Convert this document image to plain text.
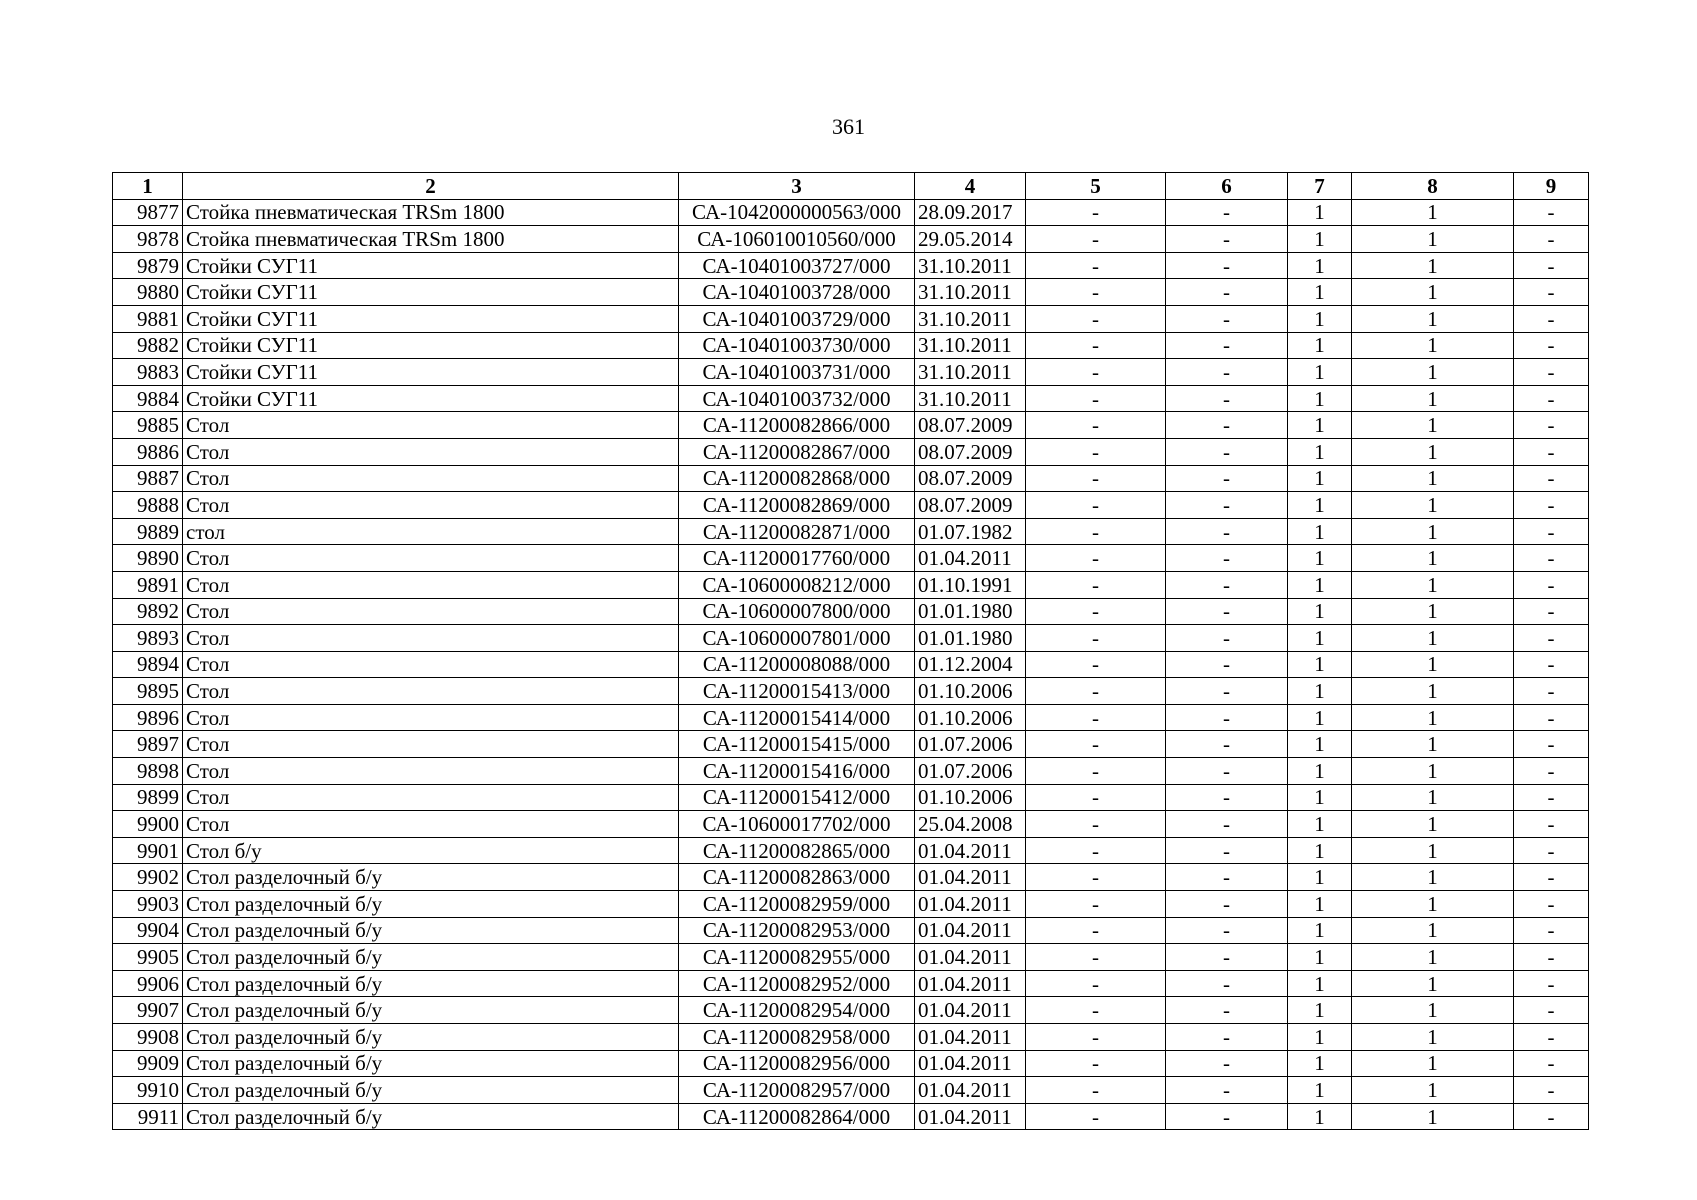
361
1	2	3	4	5	6	7	8	9
9877	Стойка пневматическая TRSm 1800	СА-1042000000563/000	28.09.2017	-	-	1	1	-
9878	Стойка пневматическая TRSm 1800	СА-106010010560/000	29.05.2014	-	-	1	1	-
9879	Стойки СУГ11	СА-10401003727/000	31.10.2011	-	-	1	1	-
9880	Стойки СУГ11	СА-10401003728/000	31.10.2011	-	-	1	1	-
9881	Стойки СУГ11	СА-10401003729/000	31.10.2011	-	-	1	1	-
9882	Стойки СУГ11	СА-10401003730/000	31.10.2011	-	-	1	1	-
9883	Стойки СУГ11	СА-10401003731/000	31.10.2011	-	-	1	1	-
9884	Стойки СУГ11	СА-10401003732/000	31.10.2011	-	-	1	1	-
9885	Стол	СА-11200082866/000	08.07.2009	-	-	1	1	-
9886	Стол	СА-11200082867/000	08.07.2009	-	-	1	1	-
9887	Стол	СА-11200082868/000	08.07.2009	-	-	1	1	-
9888	Стол	СА-11200082869/000	08.07.2009	-	-	1	1	-
9889	стол	СА-11200082871/000	01.07.1982	-	-	1	1	-
9890	Стол	СА-11200017760/000	01.04.2011	-	-	1	1	-
9891	Стол	СА-10600008212/000	01.10.1991	-	-	1	1	-
9892	Стол	СА-10600007800/000	01.01.1980	-	-	1	1	-
9893	Стол	СА-10600007801/000	01.01.1980	-	-	1	1	-
9894	Стол	СА-11200008088/000	01.12.2004	-	-	1	1	-
9895	Стол	СА-11200015413/000	01.10.2006	-	-	1	1	-
9896	Стол	СА-11200015414/000	01.10.2006	-	-	1	1	-
9897	Стол	СА-11200015415/000	01.07.2006	-	-	1	1	-
9898	Стол	СА-11200015416/000	01.07.2006	-	-	1	1	-
9899	Стол	СА-11200015412/000	01.10.2006	-	-	1	1	-
9900	Стол	СА-10600017702/000	25.04.2008	-	-	1	1	-
9901	Стол б/у	СА-11200082865/000	01.04.2011	-	-	1	1	-
9902	Стол разделочный б/у	СА-11200082863/000	01.04.2011	-	-	1	1	-
9903	Стол разделочный б/у	СА-11200082959/000	01.04.2011	-	-	1	1	-
9904	Стол разделочный б/у	СА-11200082953/000	01.04.2011	-	-	1	1	-
9905	Стол разделочный б/у	СА-11200082955/000	01.04.2011	-	-	1	1	-
9906	Стол разделочный б/у	СА-11200082952/000	01.04.2011	-	-	1	1	-
9907	Стол разделочный б/у	СА-11200082954/000	01.04.2011	-	-	1	1	-
9908	Стол разделочный б/у	СА-11200082958/000	01.04.2011	-	-	1	1	-
9909	Стол разделочный б/у	СА-11200082956/000	01.04.2011	-	-	1	1	-
9910	Стол разделочный б/у	СА-11200082957/000	01.04.2011	-	-	1	1	-
9911	Стол разделочный б/у	СА-11200082864/000	01.04.2011	-	-	1	1	-
